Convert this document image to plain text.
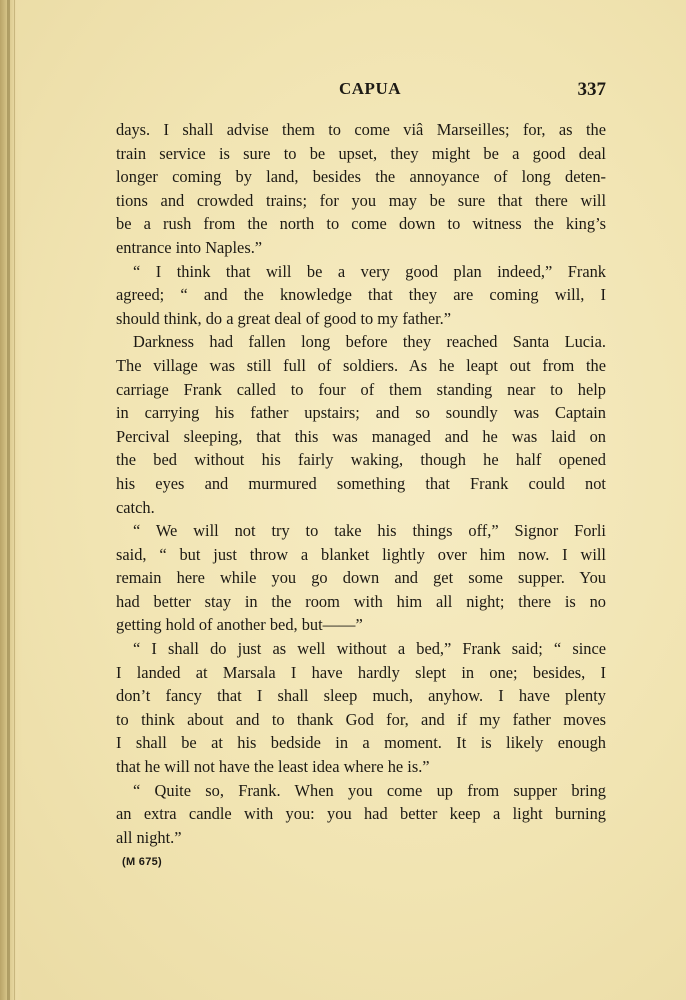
CAPUA	337
days. I shall advise them to come viâ Marseilles; for, as the
train service is sure to be upset, they might be a good deal
longer coming by land, besides the annoyance of long deten-
tions and crowded trains; for you may be sure that there will
be a rush from the north to come down to witness the king’s
entrance into Naples.”
“ I think that will be a very good plan indeed,” Frank
agreed; “ and the knowledge that they are coming will, I
should think, do a great deal of good to my father.”
Darkness had fallen long before they reached Santa Lucia.
The village was still full of soldiers. As he leapt out from the
carriage Frank called to four of them standing near to help
in carrying his father upstairs; and so soundly was Captain
Percival sleeping, that this was managed and he was laid on
the bed without his fairly waking, though he half opened
his eyes and murmured something that Frank could not
catch.
“ We will not try to take his things off,” Signor Forli
said, “ but just throw a blanket lightly over him now. I will
remain here while you go down and get some supper. You
had better stay in the room with him all night; there is no
getting hold of another bed, but——”
“ I shall do just as well without a bed,” Frank said; “ since
I landed at Marsala I have hardly slept in one; besides, I
don’t fancy that I shall sleep much, anyhow. I have plenty
to think about and to thank God for, and if my father moves
I shall be at his bedside in a moment. It is likely enough
that he will not have the least idea where he is.”
“ Quite so, Frank. When you come up from supper bring
an extra candle with you: you had better keep a light burning
all night.”
(M 675)
